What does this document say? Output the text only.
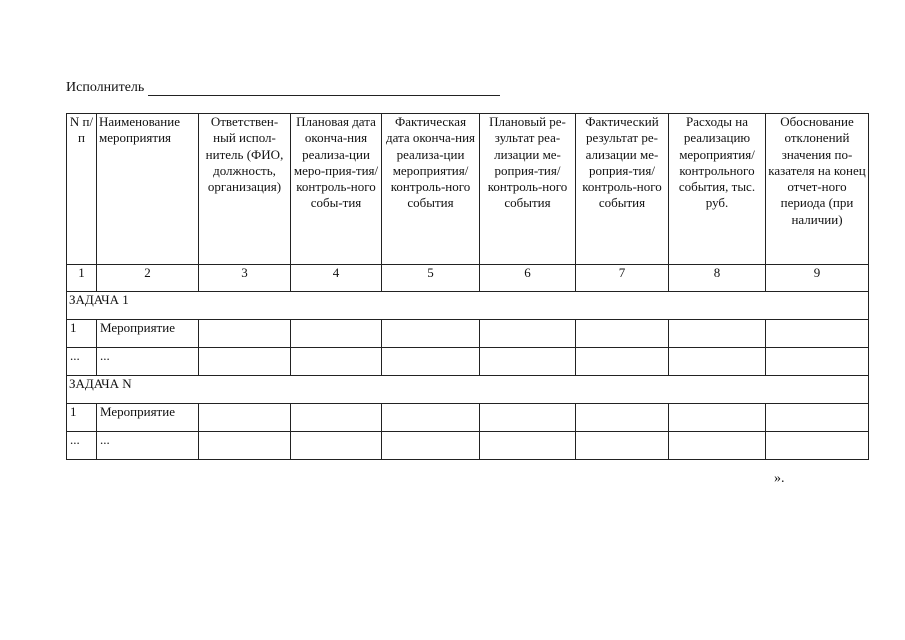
Исполнитель
N п/п	Наименование мероприятия	Ответствен-ный испол-нитель (ФИО, должность, организация)	Плановая дата оконча-ния реализа-ции меро-прия-тия/контроль-ного собы-тия	Фактическая дата оконча-ния реализа-ции мероприятия/контроль-ного события	Плановый ре-зультат реа-лизации ме-роприя-тия/контроль-ного события	Фактический результат ре-ализации ме-роприя-тия/контроль-ного события	Расходы на реализацию мероприятия/контрольного события, тыс. руб.	Обоснование отклонений значения по-казателя на конец отчет-ного периода (при наличии)
1	2	3	4	5	6	7	8	9
ЗАДАЧА 1								
1	Мероприятие							
...	...							
ЗАДАЧА N								
1	Мероприятие							
...	...							
».
